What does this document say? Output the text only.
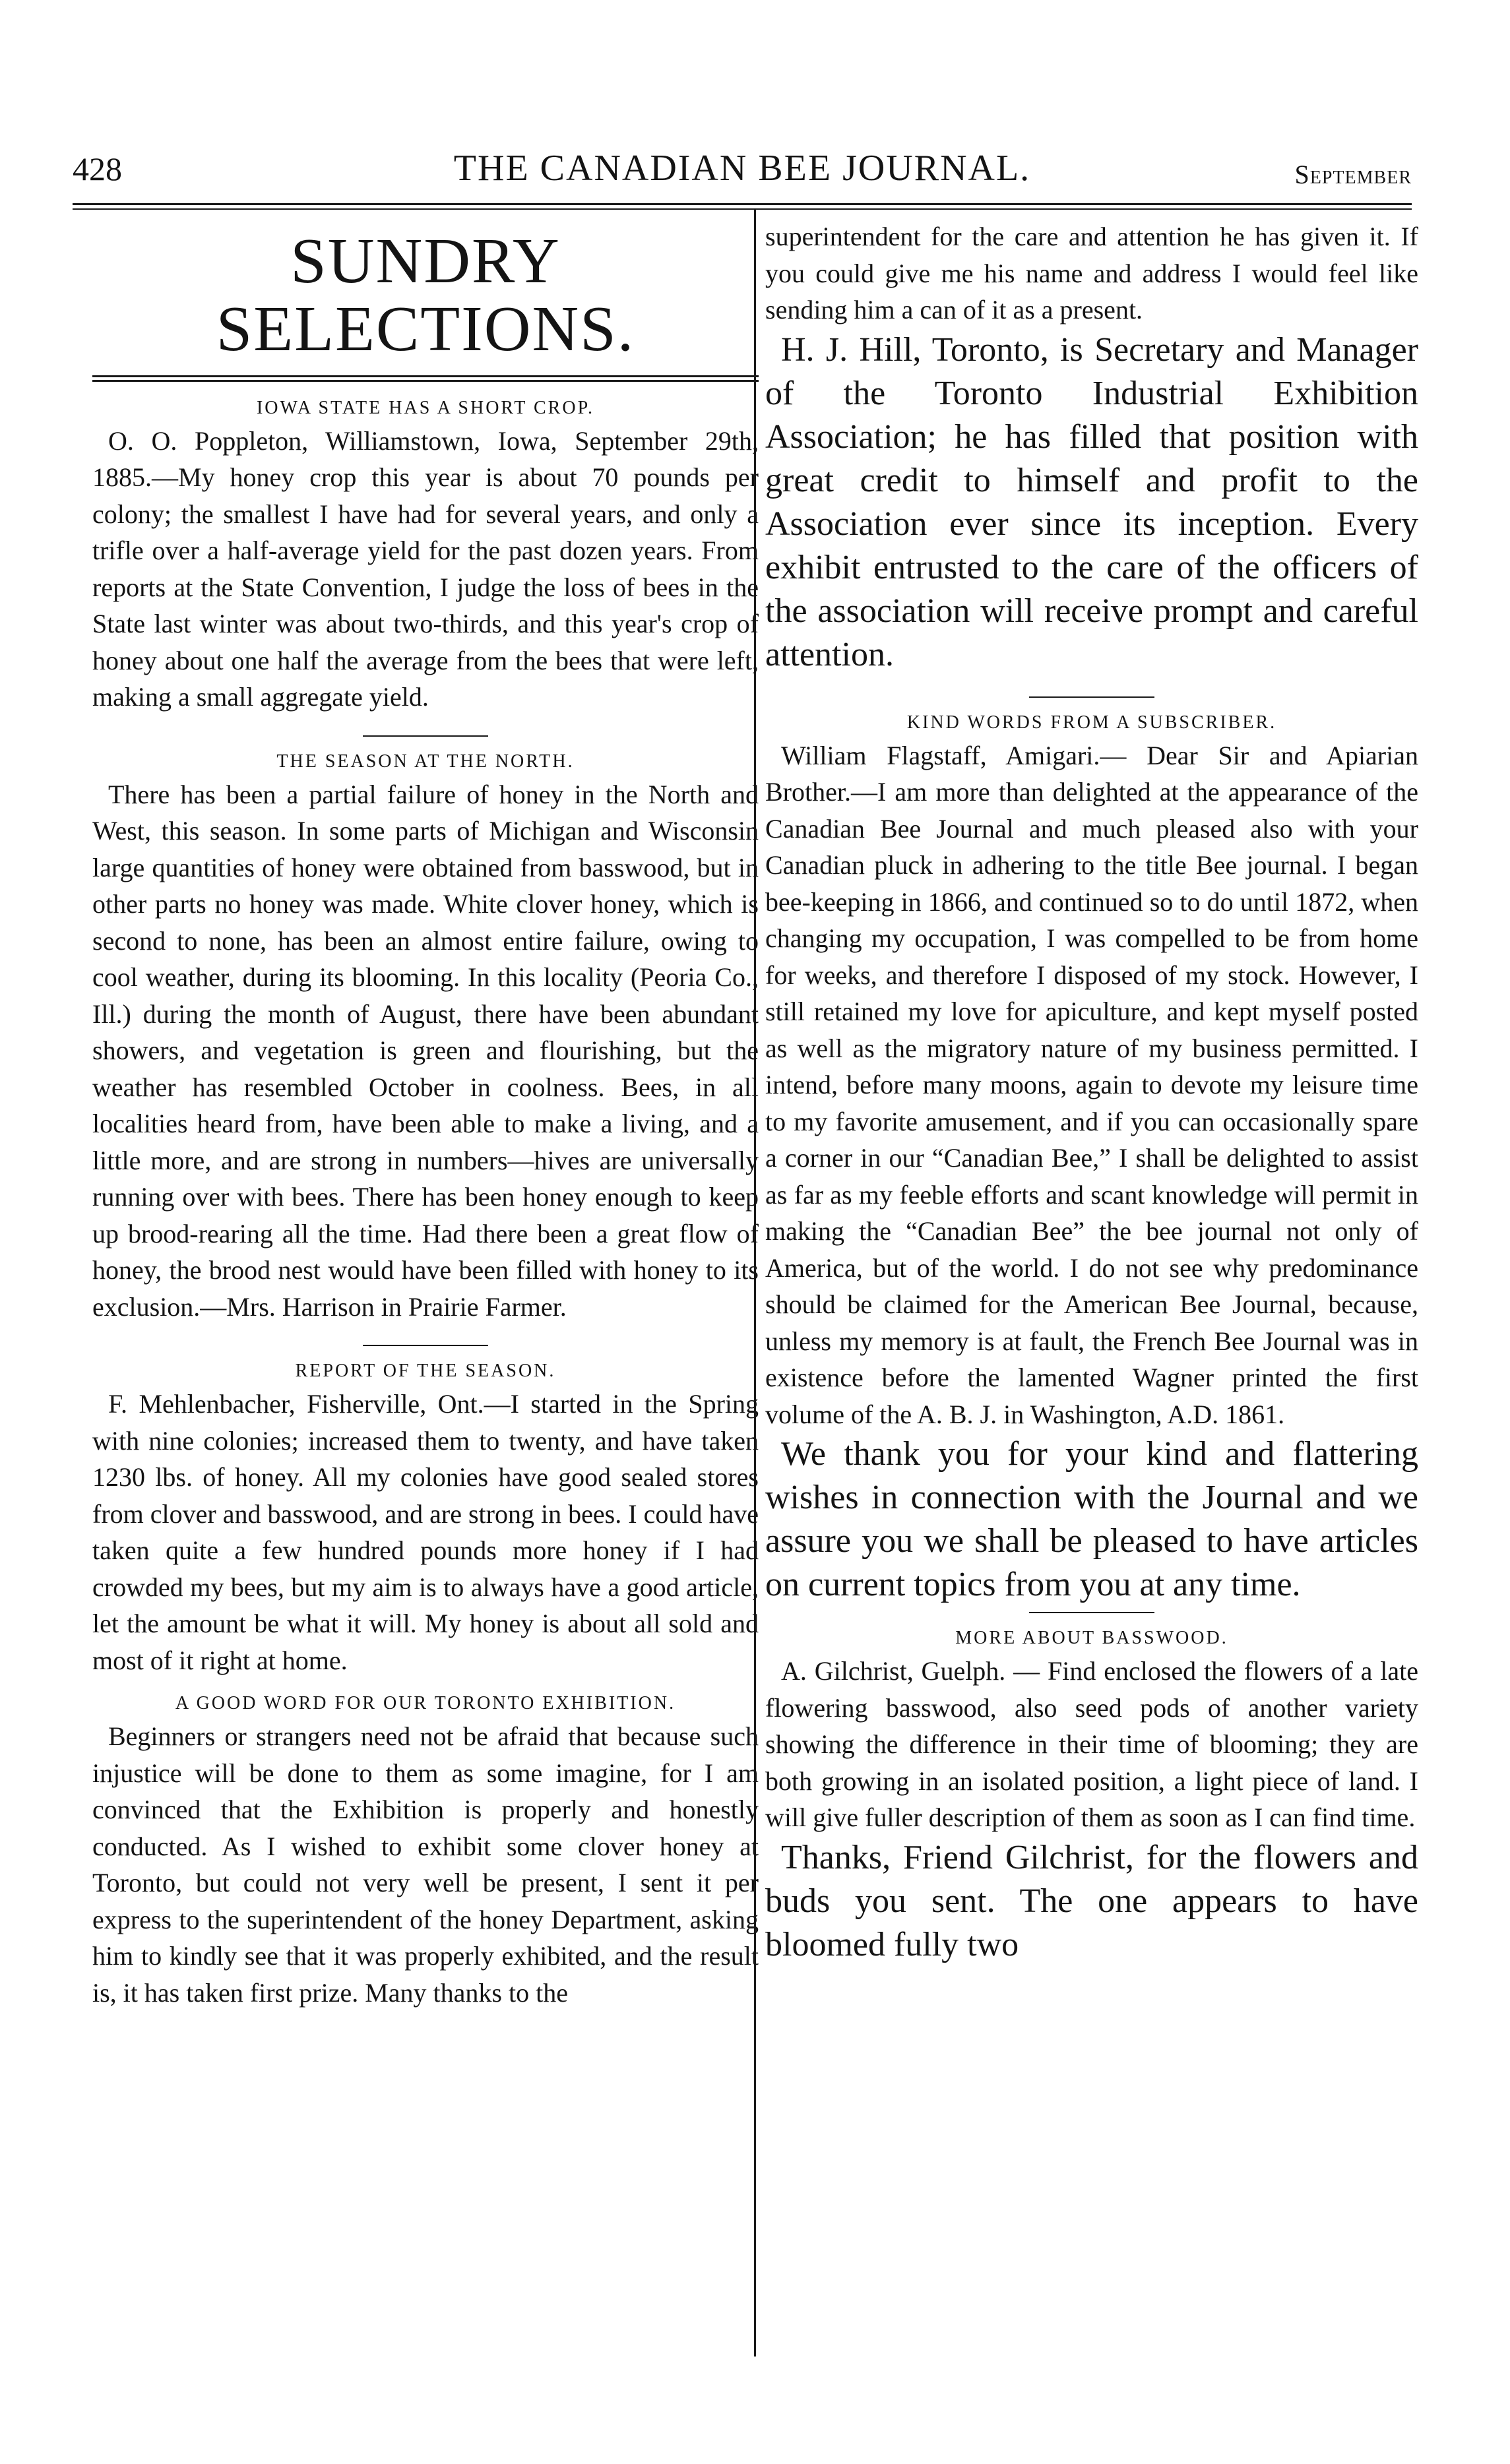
428	THE CANADIAN BEE JOURNAL.	September
SUNDRY SELECTIONS.
IOWA STATE HAS A SHORT CROP.

O. O. Poppleton, Williamstown, Iowa, September 29th, 1885.—My honey crop this year is about 70 pounds per colony; the smallest I have had for several years, and only a trifle over a half-average yield for the past dozen years. From reports at the State Convention, I judge the loss of bees in the State last winter was about two-thirds, and this year's crop of honey about one half the average from the bees that were left, making a small aggregate yield.

THE SEASON AT THE NORTH.

There has been a partial failure of honey in the North and West, this season. In some parts of Michigan and Wisconsin large quantities of honey were obtained from basswood, but in other parts no honey was made. White clover honey, which is second to none, has been an almost entire failure, owing to cool weather, during its blooming. In this locality (Peoria Co., Ill.) during the month of August, there have been abundant showers, and vegetation is green and flourishing, but the weather has resembled October in coolness. Bees, in all localities heard from, have been able to make a living, and a little more, and are strong in numbers—hives are universally running over with bees. There has been honey enough to keep up brood-rearing all the time. Had there been a great flow of honey, the brood nest would have been filled with honey to its exclusion.—Mrs. Harrison in Prairie Farmer.

REPORT OF THE SEASON.

F. Mehlenbacher, Fisherville, Ont.—I started in the Spring with nine colonies; increased them to twenty, and have taken 1230 lbs. of honey. All my colonies have good sealed stores from clover and basswood, and are strong in bees. I could have taken quite a few hundred pounds more honey if I had crowded my bees, but my aim is to always have a good article, let the amount be what it will. My honey is about all sold and most of it right at home.

A GOOD WORD FOR OUR TORONTO EXHIBITION.

Beginners or strangers need not be afraid that because such injustice will be done to them as some imagine, for I am convinced that the Exhibition is properly and honestly conducted. As I wished to exhibit some clover honey at Toronto, but could not very well be present, I sent it per express to the superintendent of the honey Department, asking him to kindly see that it was properly exhibited, and the result is, it has taken first prize. Many thanks to the

superintendent for the care and attention he has given it. If you could give me his name and address I would feel like sending him a can of it as a present.

H. J. Hill, Toronto, is Secretary and Manager of the Toronto Industrial Exhibition Association; he has filled that position with great credit to himself and profit to the Association ever since its inception. Every exhibit entrusted to the care of the officers of the association will receive prompt and careful attention.

KIND WORDS FROM A SUBSCRIBER.

William Flagstaff, Amigari.— Dear Sir and Apiarian Brother.—I am more than delighted at the appearance of the Canadian Bee Journal and much pleased also with your Canadian pluck in adhering to the title Bee journal. I began bee-keeping in 1866, and continued so to do until 1872, when changing my occupation, I was compelled to be from home for weeks, and therefore I disposed of my stock. However, I still retained my love for apiculture, and kept myself posted as well as the migratory nature of my business permitted. I intend, before many moons, again to devote my leisure time to my favorite amusement, and if you can occasionally spare a corner in our “Canadian Bee,” I shall be delighted to assist as far as my feeble efforts and scant knowledge will permit in making the “Canadian Bee” the bee journal not only of America, but of the world. I do not see why predominance should be claimed for the American Bee Journal, because, unless my memory is at fault, the French Bee Journal was in existence before the lamented Wagner printed the first volume of the A. B. J. in Washington, A.D. 1861.

We thank you for your kind and flattering wishes in connection with the Journal and we assure you we shall be pleased to have articles on current topics from you at any time.

MORE ABOUT BASSWOOD.

A. Gilchrist, Guelph. — Find enclosed the flowers of a late flowering basswood, also seed pods of another variety showing the difference in their time of blooming; they are both growing in an isolated position, a light piece of land. I will give fuller description of them as soon as I can find time.

Thanks, Friend Gilchrist, for the flowers and buds you sent. The one appears to have bloomed fully two
